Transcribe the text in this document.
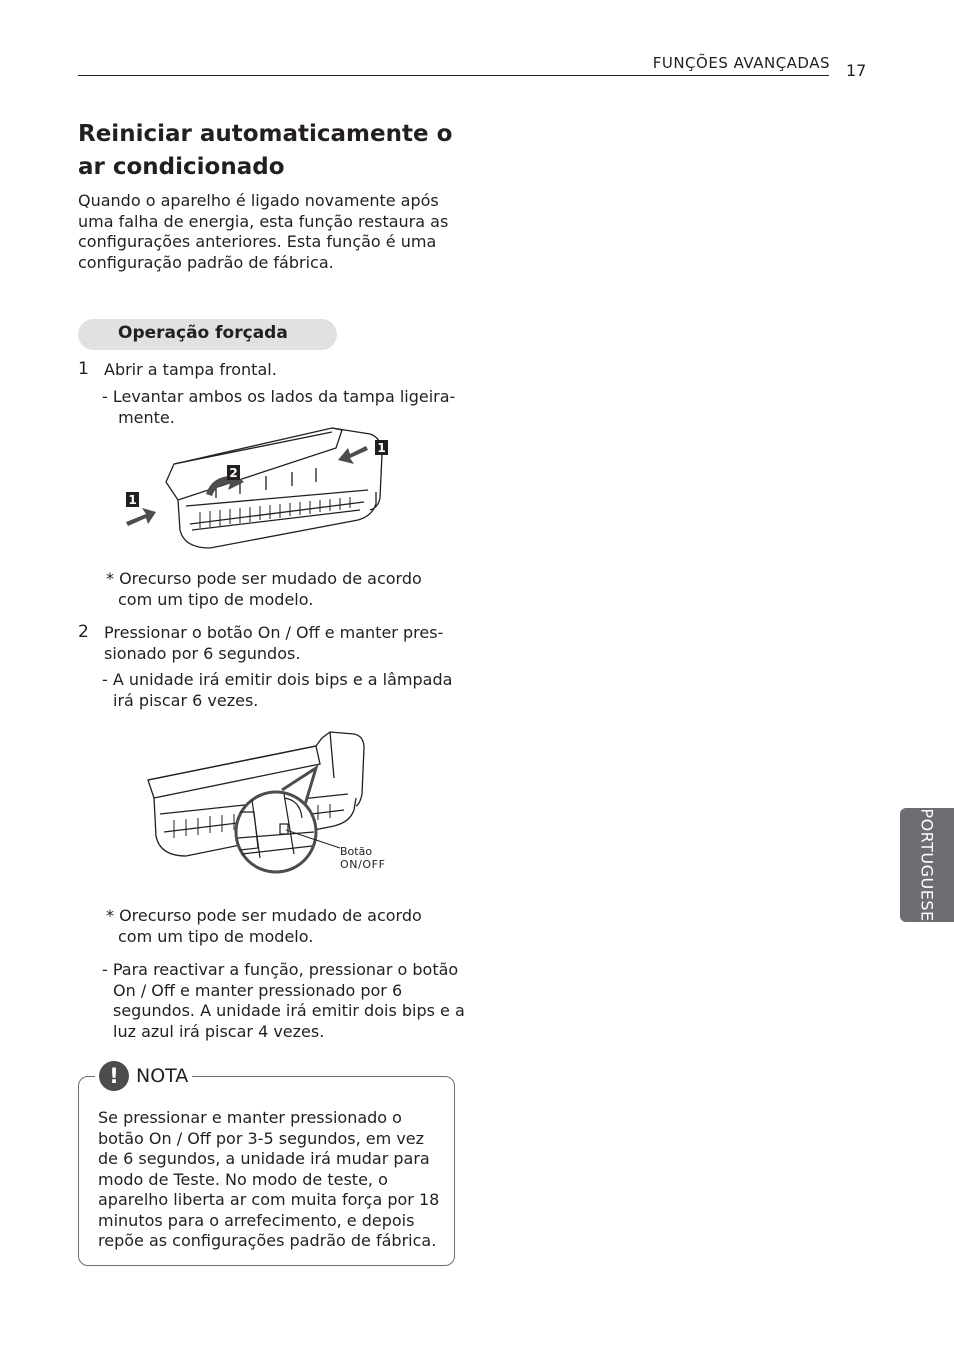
FUNÇÕES AVANÇADAS 17
PORTUGUESE
Reiniciar automaticamente o ar condicionado
Quando o aparelho é ligado novamente após uma falha de energia, esta função restaura as configurações anteriores. Esta função é uma configuração padrão de fábrica.
Operação forçada
1 Abrir a tampa frontal.
- Levantar ambos os lados da tampa ligeira- mente.
1
2
1
* Orecurso pode ser mudado de acordo com um tipo de modelo.
2 Pressionar o botão On / Off e manter pres-sionado por 6 segundos.
- A unidade irá emitir dois bips e a lâmpada irá piscar 6 vezes.
Botão
ON/OFF
* Orecurso pode ser mudado de acordo com um tipo de modelo.
- Para reactivar a função, pressionar o botão On / Off e manter pressionado por 6 segundos. A unidade irá emitir dois bips e a luz azul irá piscar 4 vezes.
! NOTA
Se pressionar e manter pressionado o botão On / Off por 3-5 segundos, em vez de 6 segundos, a unidade irá mudar para modo de Teste. No modo de teste, o aparelho liberta ar com muita força por 18 minutos para o arrefecimento, e depois repõe as configurações padrão de fábrica.
